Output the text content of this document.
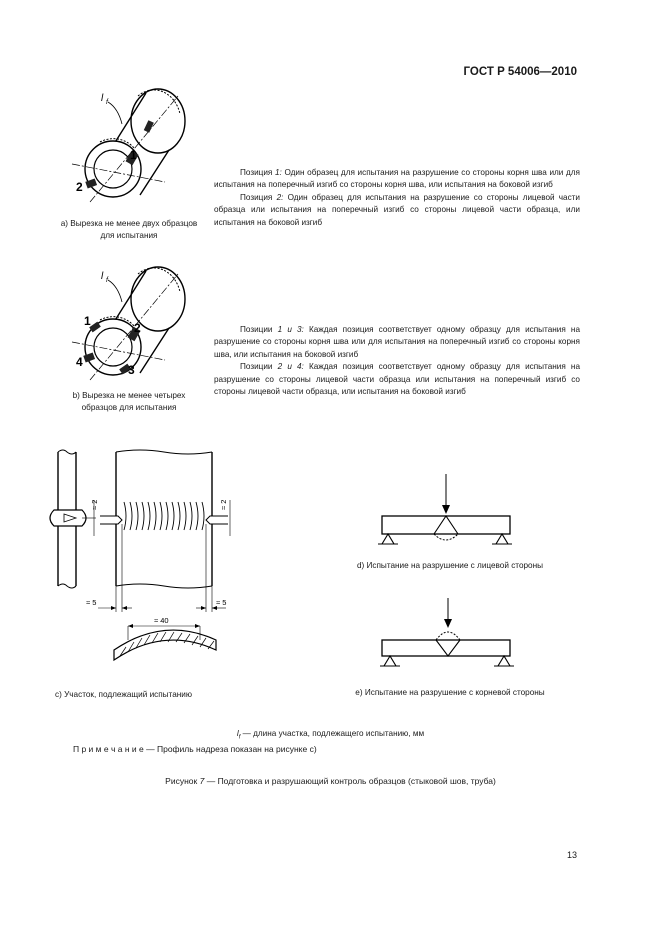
ГОСТ Р 54006—2010
l f
1
2
a) Вырезка не менее двух образцов для испытания

Позиция 1: Один образец для испытания на разрушение со стороны корня шва или для испытания на поперечный изгиб со стороны корня шва, или испытания на боковой изгиб

Позиция 2: Один образец для испытания на разрушение со стороны лицевой части образца или испытания на поперечный изгиб со стороны лицевой части образца, или испытания на боковой изгиб

l f
1	2
3
4
b) Вырезка не менее четырех образцов для испытания

Позиции 1 и 3: Каждая позиция соответствует одному образцу для испытания на разрушение со стороны корня шва или для испытания на поперечный изгиб со стороны корня шва, или испытания на боковой изгиб

Позиции 2 и 4: Каждая позиция соответствует одному образцу для испытания на разрушение со стороны лицевой части образца или испытания на поперечный изгиб со стороны лицевой части образца, или испытания на боковой изгиб

≈ 2	≈ 2
≈ 5	≈ 5
≈ 40
c) Участок, подлежащий испытанию
d) Испытание на разрушение с лицевой стороны
e) Испытание на разрушение с корневой стороны
$l_f$ — длина участка, подлежащего испытанию, мм
П р и м е ч а н и е — Профиль надреза показан на рисунке с)
Рисунок 7 — Подготовка и разрушающий контроль образцов (стыковой шов, труба)
13
